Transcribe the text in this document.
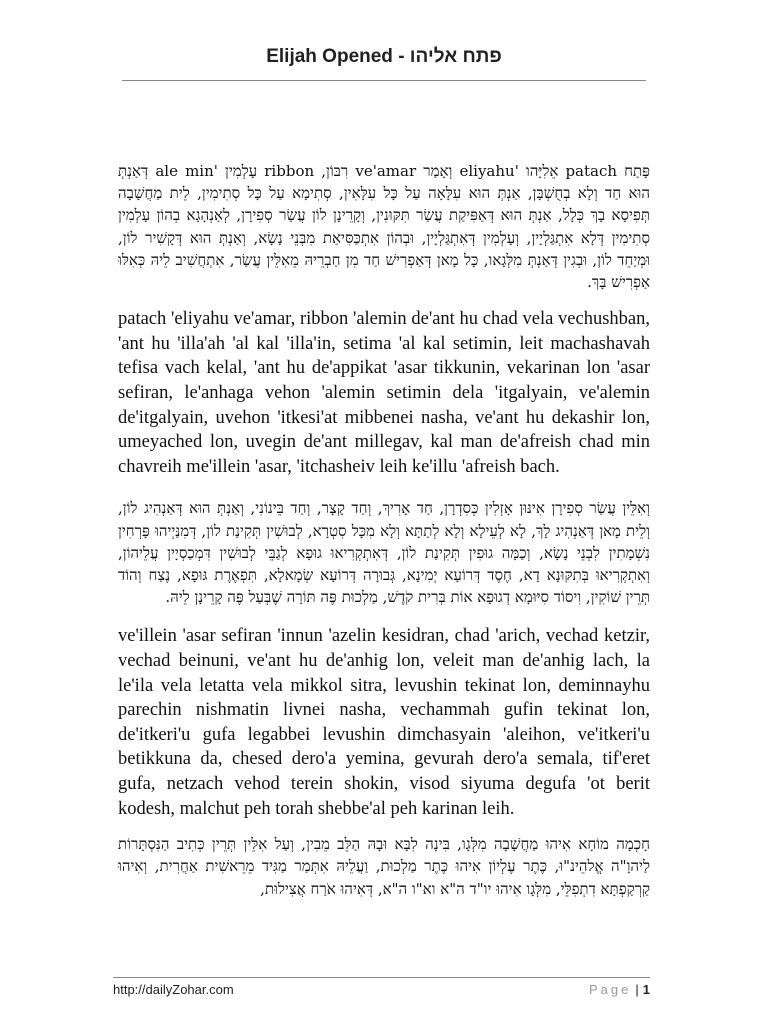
Elijah Opened - פתח אליהו

פָּתַח patach אֵלִיָּהו 'eliyahu וְאָמַר ve'amar רִבּוֹן, ribbon עָלְמִין 'ale min דְּאַנְתְּ הוּא חַד וְלָא בְחֻשְׁבָּן, אַנְתְּ הוּא עִלָּאָה עַל כָּל עִלָּאִין, סְתִימָא עַל כָּל סְתִימִין, לֵית מַחֲשָׁבָה תְּפִיסָא בָךְ כְּלָל, אַנְתְּ הוּא דְּאַפִּיקַת עֲשַׂר תִּקּוּנִין, וְקָרֵינָן לוֹן עֲשַׂר סְפִירָן, לְאַנְהָגָא בְהוֹן עָלְמִין סְתִימִין דְּלָא אִתְגַּלְיָין, וְעָלְמִין דְּאִתְגַּלְיָין, וּבְהוֹן אִתְכַּסִּיאַת מִבְּנֵי נָשָׂא, וְאַנְתְּ הוּא דְּקָשִׁיר לוֹן, וּמְיַחֵד לוֹן, וּבְגִין דְּאַנְתְּ מִלְּגָאו, כָּל מָאן דְּאַפְרִישׁ חַד מִן חַבְרֵיהּ מֵאִלֵּין עֲשַׂר, אִתְחֲשִׁיב לֵיהּ כְּאִלּוּ אַפְרִישׁ בָּךְ.

patach 'eliyahu ve'amar, ribbon 'alemin de'ant hu chad vela vechushban, 'ant hu 'illa'ah 'al kal 'illa'in, setima 'al kal setimin, leit machashavah tefisa vach kelal, 'ant hu de'appikat 'asar tikkunin, vekarinan lon 'asar sefiran, le'anhaga vehon 'alemin setimin dela 'itgalyain, ve'alemin de'itgalyain, uvehon 'itkesi'at mibbenei nasha, ve'ant hu dekashir lon, umeyached lon, uvegin de'ant millegav, kal man de'afreish chad min chavreih me'illein 'asar, 'itchasheiv leih ke'illu 'afreish bach.

וְאִלֵּין עֲשַׂר סְפִירָן אִינּוּן אָזְלִין כְּסִדְרָן, חַד אָרִיךְ, וְחַד קָצָר, וְחַד בֵּינוֹנִי, וְאַנְתְּ הוּא דְּאַנְהִיג לוֹן, וְלֵית מָאן דְּאַנְהִיג לָךְ, לָא לְעֵילָא וְלָא לְתַתָּא וְלָא מִכָּל סִטְרָא, לְבוּשִׁין תְּקִינַת לוֹן, דְּמִנַּיְיהוּ פָּרְחִין נִשְׁמָתִין לִבְנֵי נָשָׂא, וְכַמָּה גוּפִין תְּקִינַת לוֹן, דְּאִתְקְרִיאוּ גוּפָא לְגַבֵּי לְבוּשִׁין דִּמְכַסְיָין עֲלֵיהוֹן, וְאִתְקְרִיאוּ בְּתִקּוּנָא דָא, חֶסֶד דְּרוֹעָא יְמִינָא, גְּבוּרָה דְּרוֹעָא שְׂמָאלָא, תִּפְאֶרֶת גּוּפָא, נֶצַח וְהוֹד תְּרֵין שׁוֹקִין, וִיסוֹד סִיּוּמָא דְגוּפָא אוֹת בְּרִית קֹדֶשׁ, מַלְכוּת פֶּה תּוֹרָה שֶׁבְּעַל פֶּה קָרֵינָן לֵיהּ.

ve'illein 'asar sefiran 'innun 'azelin kesidran, chad 'arich, vechad ketzir, vechad beinuni, ve'ant hu de'anhig lon, veleit man de'anhig lach, la le'ila vela letatta vela mikkol sitra, levushin tekinat lon, deminnayhu parechin nishmatin livnei nasha, vechammah gufin tekinat lon, de'itkeri'u gufa legabbei levushin dimchasyain 'aleihon, ve'itkeri'u betikkuna da, chesed dero'a yemina, gevurah dero'a semala, tif'eret gufa, netzach vehod terein shokin, visod siyuma degufa 'ot berit kodesh, malchut peh torah shebbe'al peh karinan leih.

חָכְמָה מוֹחָא אִיהוּ מַחֲשָׁבָה מִלְּגָו, בִּינָה לִבָּא וּבָהּ הַלֵּב מֵבִין, וְעַל אִלֵּין תְּרֵין כְּתִיב הַנִּסְתָּרוֹת לַיהוָ"ה אֱלהֵינ"וּ, כֶּתֶר עֶלְיוֹן אִיהוּ כֶּתֶר מַלְכוּת, וַעֲלֵיהּ אִתְּמַר מַגִּיד מֵרֵאשִׁית אַחֲרִית, וְאִיהוּ קַרְקַפְתָּא דִתְפִלֵּי, מִלְּגָו אִיהוּ יו"ד ה"א וא"ו ה"א, דְּאִיהוּ אֹרַח אֲצִילוּת,

http://dailyZohar.com	Page | 1
